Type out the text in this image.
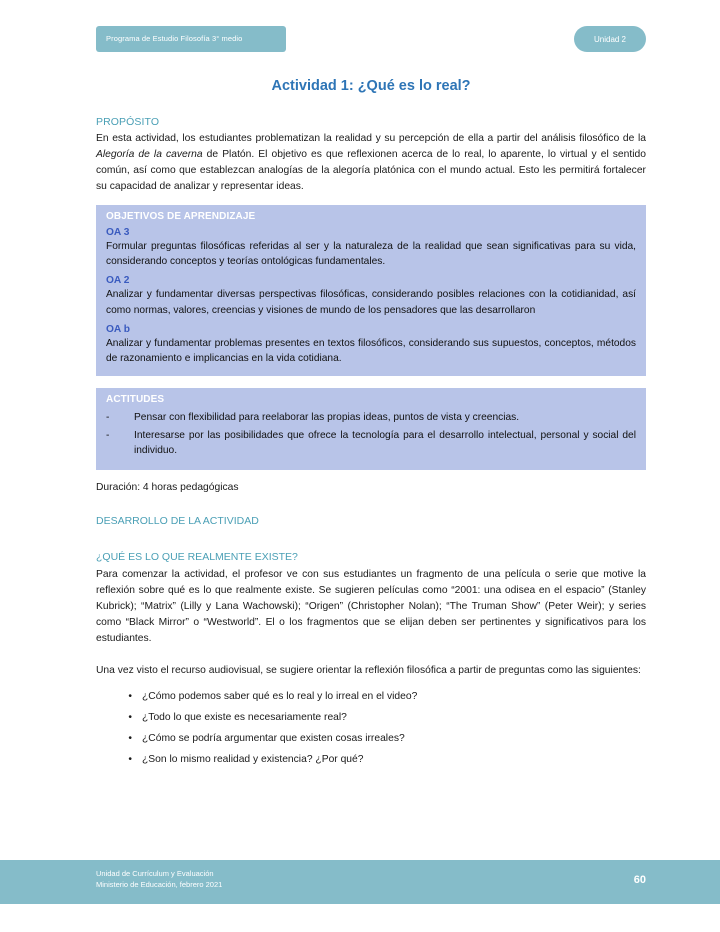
Programa de Estudio Filosofía 3° medio	Unidad 2
Actividad 1: ¿Qué es lo real?
PROPÓSITO

En esta actividad, los estudiantes problematizan la realidad y su percepción de ella a partir del análisis filosófico de la Alegoría de la caverna de Platón. El objetivo es que reflexionen acerca de lo real, lo aparente, lo virtual y el sentido común, así como que establezcan analogías de la alegoría platónica con el mundo actual. Esto les permitirá fortalecer su capacidad de analizar y representar ideas.

OBJETIVOS DE APRENDIZAJE
OA 3

Formular preguntas filosóficas referidas al ser y la naturaleza de la realidad que sean significativas para su vida, considerando conceptos y teorías ontológicas fundamentales.

OA 2

Analizar y fundamentar diversas perspectivas filosóficas, considerando posibles relaciones con la cotidianidad, así como normas, valores, creencias y visiones de mundo de los pensadores que las desarrollaron

OA b

Analizar y fundamentar problemas presentes en textos filosóficos, considerando sus supuestos, conceptos, métodos de razonamiento e implicancias en la vida cotidiana.

ACTITUDES
-	Pensar con flexibilidad para reelaborar las propias ideas, puntos de vista y creencias.
-	Interesarse por las posibilidades que ofrece la tecnología para el desarrollo intelectual, personal y social del individuo.

Duración: 4 horas pedagógicas

DESARROLLO DE LA ACTIVIDAD
¿QUÉ ES LO QUE REALMENTE EXISTE?

Para comenzar la actividad, el profesor ve con sus estudiantes un fragmento de una película o serie que motive la reflexión sobre qué es lo que realmente existe. Se sugieren películas como “2001: una odisea en el espacio” (Stanley Kubrick); “Matrix” (Lilly y Lana Wachowski); “Origen” (Christopher Nolan); “The Truman Show” (Peter Weir); y series como “Black Mirror” o “Westworld”. El o los fragmentos que se elijan deben ser pertinentes y significativos para los estudiantes.

Una vez visto el recurso audiovisual, se sugiere orientar la reflexión filosófica a partir de preguntas como las siguientes:

• ¿Cómo podemos saber qué es lo real y lo irreal en el video?
• ¿Todo lo que existe es necesariamente real?
• ¿Cómo se podría argumentar que existen cosas irreales?
• ¿Son lo mismo realidad y existencia? ¿Por qué?
Unidad de Currículum y Evaluación
Ministerio de Educación, febrero 2021	60
